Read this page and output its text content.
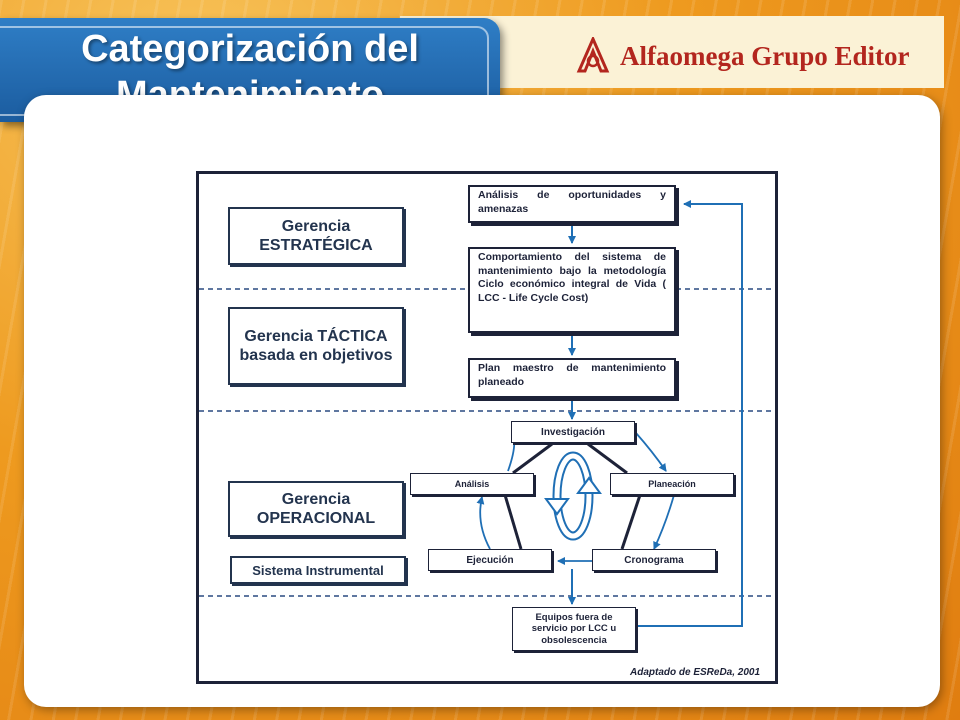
Categorización del	Alfaomega Grupo Editor
Gerencia ESTRATÉGICA
Gerencia TÁCTICA basada en objetivos
Gerencia OPERACIONAL
Sistema Instrumental
Análisis de oportunidades y amenazas
Comportamiento del sistema de mantenimiento bajo la metodología Ciclo económico integral de Vida ( LCC - Life Cycle Cost)
Plan maestro de mantenimiento planeado
Investigación
Análisis	Planeación
Ejecución	Cronograma
Equipos fuera de servicio por LCC u obsolescencia
Adaptado de ESReDa, 2001
